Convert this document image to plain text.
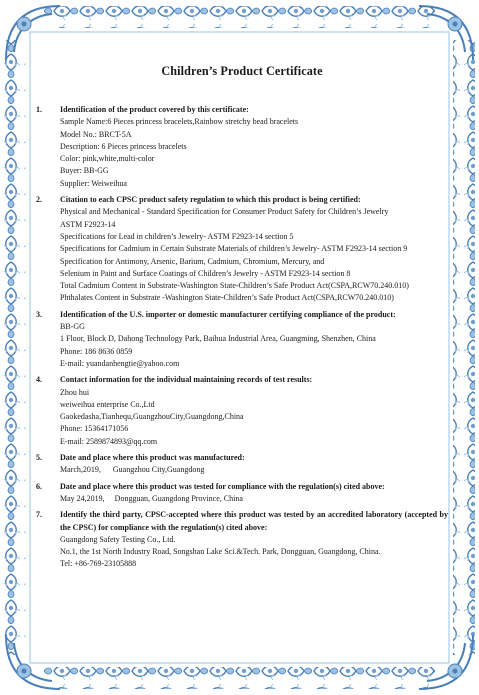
Children’s Product Certificate
1. Identification of the product covered by this certificate:
Sample Name:6 Pieces princess bracelets,Rainbow stretchy bead bracelets
Model No.: BRCT-5A
Description: 6 Pieces princess bracelets
Color: pink,white,multi-color
Buyer: BB-GG
Supplier: Weiweihua
2. Citation to each CPSC product safety regulation to which this product is being certified:
Physical and Mechanical - Standard Specification for Consumer Product Safety for Children’s Jewelry
ASTM F2923-14
Specifications for Lead in children’s Jewelry- ASTM F2923-14 section 5
Specifications for Cadmium in Certain Substrate Materials of children’s Jewelry- ASTM F2923-14 section 9
Specification for Antimony, Arsenic, Barium, Cadmium, Chromium, Mercury, and
Selenium in Paint and Surface Coatings of Children’s Jewelry - ASTM F2923-14 section 8
Total Cadmium Content in Substrate-Washington State-Children’s Safe Product Act(CSPA,RCW70.240.010)
Phthalates Content in Substrate -Washington State-Children’s Safe Product Act(CSPA,RCW70.240.010)
3. Identification of the U.S. importer or domestic manufacturer certifying compliance of the product:
BB-GG
1 Floor, Block D, Dahong Technology Park, Baihua Industrial Area, Guangming, Shenzhen, China
Phone: 186 8636 0859
E-mail: yuandanhengtie@yahoo.com
4. Contact information for the individual maintaining records of test results:
Zhou hui
weiweihua enterprise Co.,Ltd
Gaokedasha,Tianhequ,GuangzhouCity,Guangdong,China
Phone: 15364171056
E-mail: 2589874893@qq.com
5. Date and place where this product was manufactured:
March,2019,      Guangzhou City,Guangdong
6. Date and place where this product was tested for compliance with the regulation(s) cited above:
May 24,2019,     Dongguan, Guangdong Province, China
7. Identify the third party, CPSC-accepted where this product was tested by an accredited laboratory (accepted by the CPSC) for compliance with the regulation(s) cited above:
Guangdong Safety Testing Co., Ltd.
No.1, the 1st North Industry Road, Songshan Lake Sci.&Tech. Park, Dongguan, Guangdong, China.
Tel: +86-769-23105888
